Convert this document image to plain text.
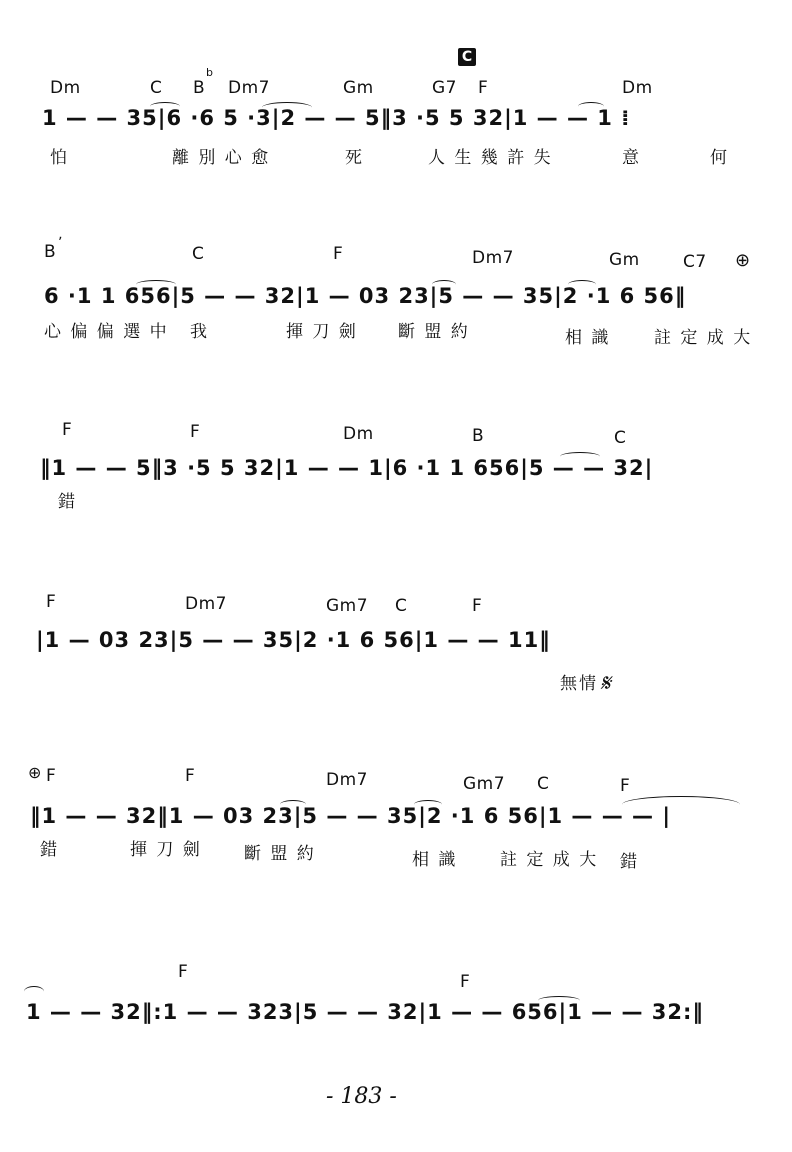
C
Dm	C B
b
Dm7	Gm	G7 F	Dm
1 — — 35|6 ·6 5 ·3|2 — — 5‖3 ·5 5 32|1 — — 1 ⁞
怕	離 別 心 愈	死	人 生 幾 許 失	意	何
B ʼ
C	F	Dm7	Gm	C7 ⊕
6 ·1 1 656|5 — — 32|1 — 03 23|5 — — 35|2 ·1 6 56‖
心 偏 偏 選 中 我	揮 刀 劍 斷 盟 約	相 識	註 定 成 大
F	F	Dm	B	C
‖1 — — 5‖3 ·5 5 32|1 — — 1|6 ·1 1 656|5 — — 32|
錯
F	Dm7	Gm7 C	F
|1 — 03 23|5 — — 35|2 ·1 6 56|1 — — 11‖
無情 𝄋
⊕ F	F	Dm7	Gm7 C	F
‖1 — — 32‖1 — 03 23|5 — — 35|2 ·1 6 56|1 — — — |
錯	揮 刀 劍 斷 盟 約	相 識	註 定 成 大 錯
F	F
1 — — 32‖:1 — — 323|5 — — 32|1 — — 656|1 — — 32:‖
- 183 -
